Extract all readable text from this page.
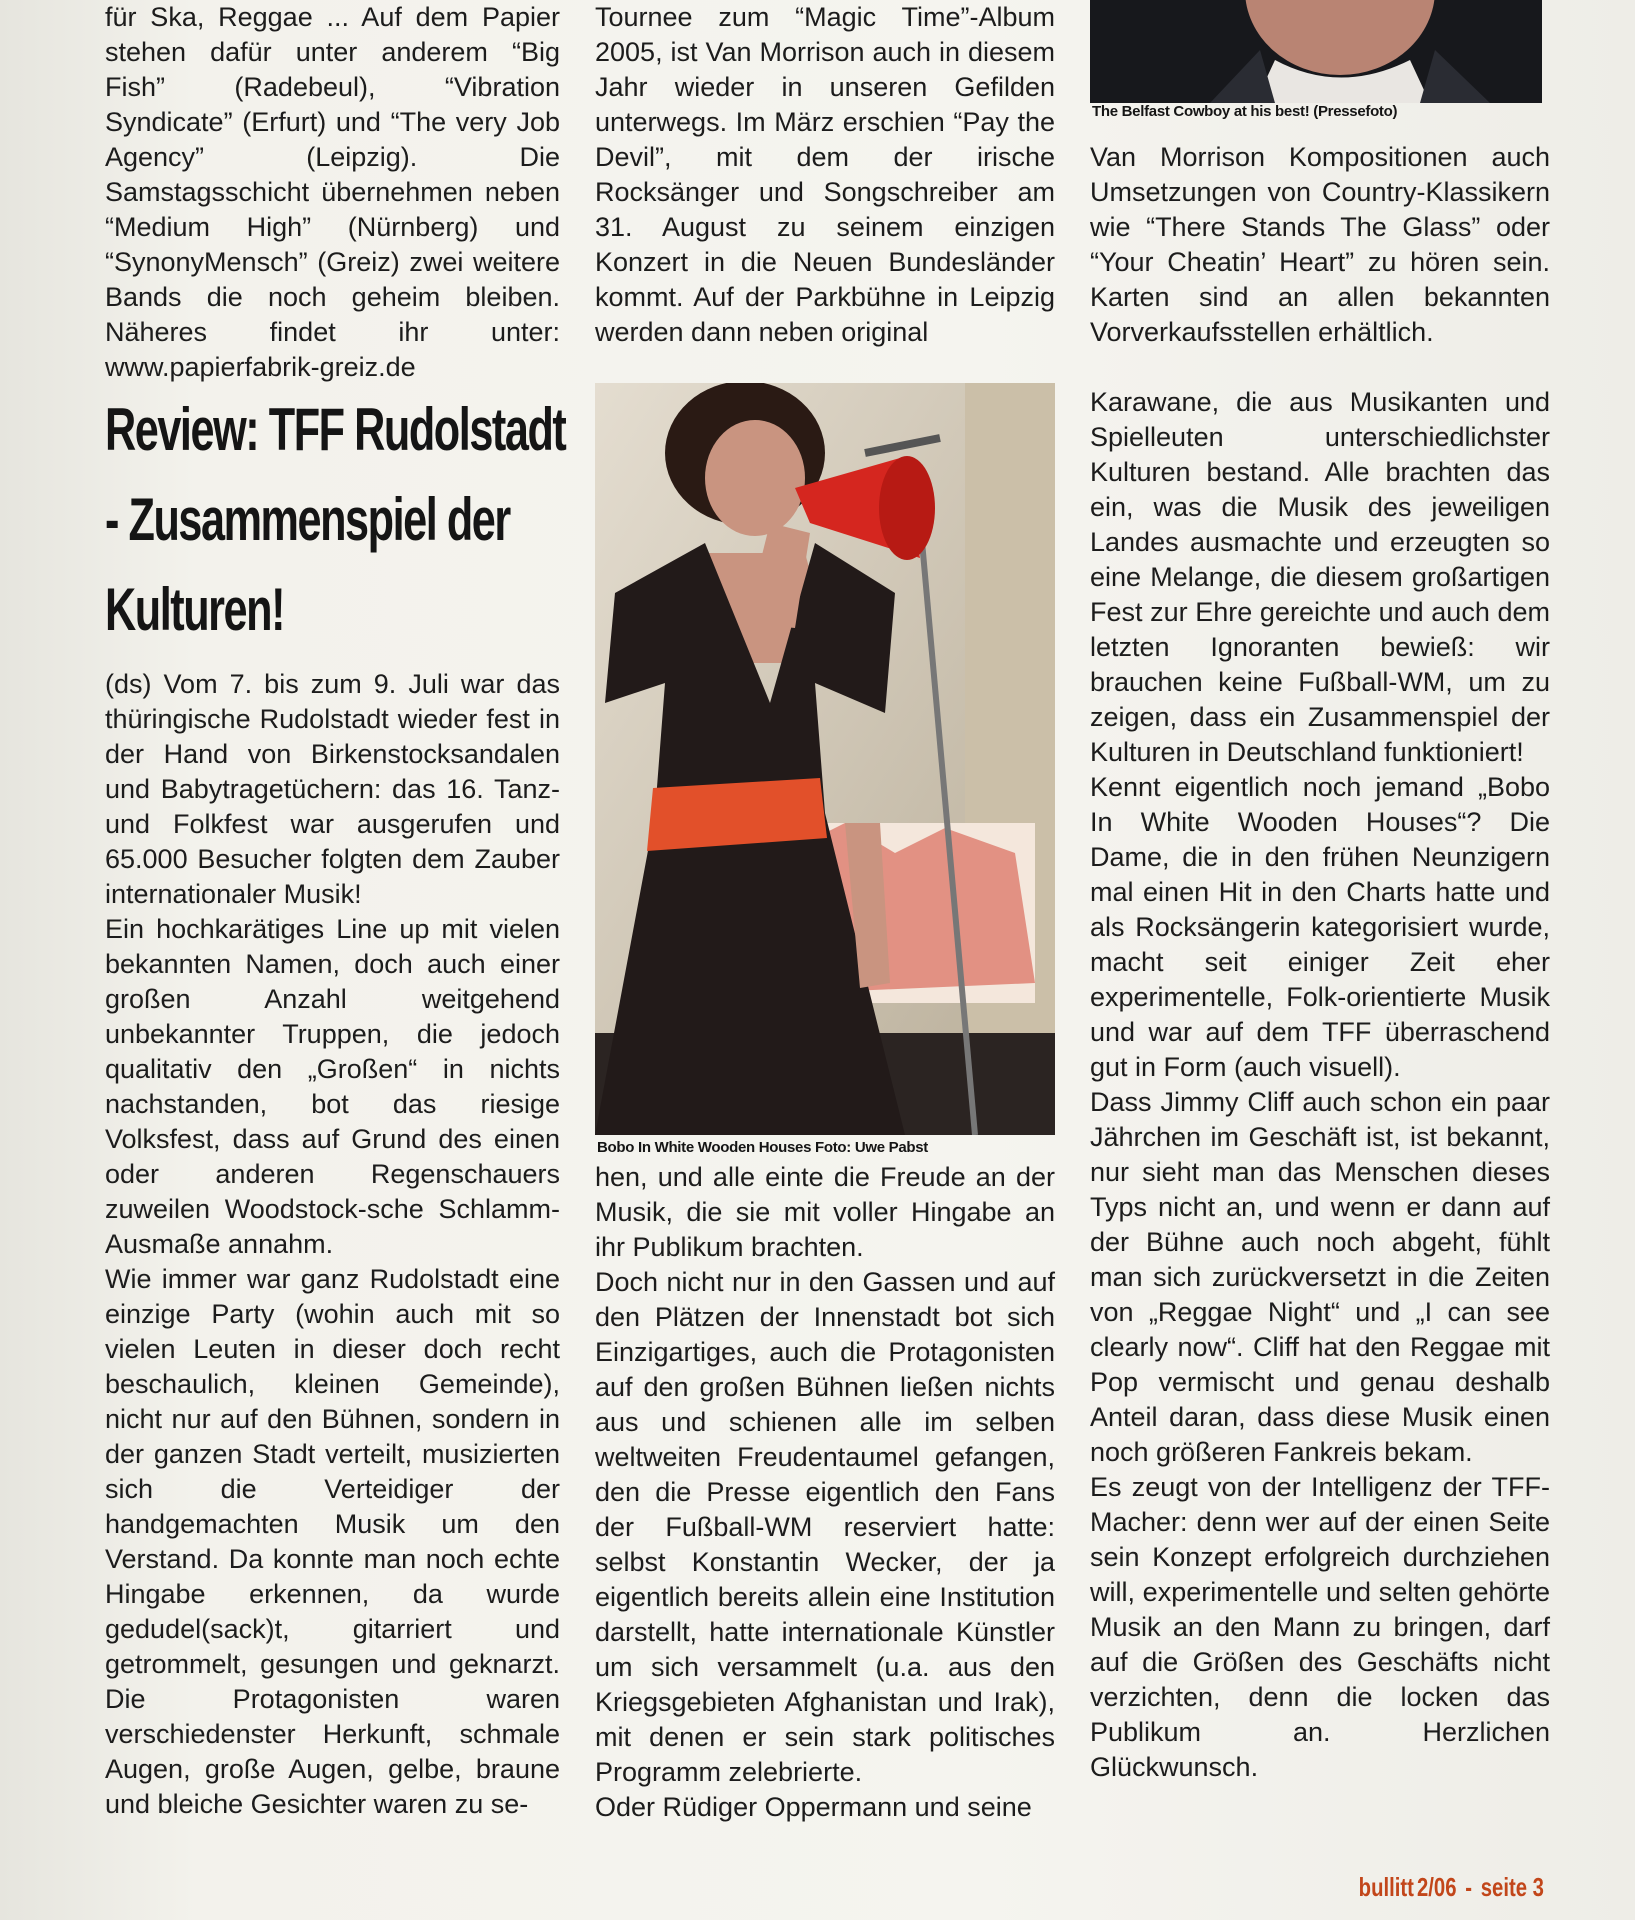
für Ska, Reggae ... Auf dem Papier stehen dafür unter anderem “Big Fish” (Radebeul), “Vibration Syndicate” (Erfurt) und “The very Job Agency” (Leipzig). Die Samstagsschicht übernehmen neben “Medium High” (Nürnberg) und “SynonyMensch” (Greiz) zwei weitere Bands die noch geheim bleiben. Näheres findet ihr unter: www.papierfabrik-greiz.de

Review: TFF Rudolstadt - Zusammenspiel der Kulturen!

(ds) Vom 7. bis zum 9. Juli war das thüringische Rudolstadt wieder fest in der Hand von Birkenstocksandalen und Babytragetüchern: das 16. Tanz- und Folkfest war ausgerufen und 65.000 Besucher folgten dem Zauber internationaler Musik!

Ein hochkarätiges Line up mit vielen bekannten Namen, doch auch einer großen Anzahl weitgehend unbekannter Truppen, die jedoch qualitativ den „Großen“ in nichts nachstanden, bot das riesige Volksfest, dass auf Grund des einen oder anderen Regenschauers zuweilen Woodstock-sche Schlamm-Ausmaße annahm.

Wie immer war ganz Rudolstadt eine einzige Party (wohin auch mit so vielen Leuten in dieser doch recht beschaulich, kleinen Gemeinde), nicht nur auf den Bühnen, sondern in der ganzen Stadt verteilt, musizierten sich die Verteidiger der handgemachten Musik um den Verstand. Da konnte man noch echte Hingabe erkennen, da wurde gedudel(sack)t, gitarriert und getrommelt, gesungen und geknarzt. Die Protagonisten waren verschiedenster Herkunft, schmale Augen, große Augen, gelbe, braune und bleiche Gesichter waren zu se-

Tournee zum “Magic Time”-Album 2005, ist Van Morrison auch in diesem Jahr wieder in unseren Gefilden unterwegs. Im März erschien “Pay the Devil”, mit dem der irische Rocksänger und Songschreiber am 31. August zu seinem einzigen Konzert in die Neuen Bundesländer kommt. Auf der Parkbühne in Leipzig werden dann neben original

Bobo In White Wooden Houses Foto: Uwe Pabst

hen, und alle einte die Freude an der Musik, die sie mit voller Hingabe an ihr Publikum brachten.

Doch nicht nur in den Gassen und auf den Plätzen der Innenstadt bot sich Einzigartiges, auch die Protagonisten auf den großen Bühnen ließen nichts aus und schienen alle im selben weltweiten Freudentaumel gefangen, den die Presse eigentlich den Fans der Fußball-WM reserviert hatte: selbst Konstantin Wecker, der ja eigentlich bereits allein eine Institution darstellt, hatte internationale Künstler um sich versammelt (u.a. aus den Kriegsgebieten Afghanistan und Irak), mit denen er sein stark politisches Programm zelebrierte.

Oder Rüdiger Oppermann und seine

The Belfast Cowboy at his best! (Pressefoto)

Van Morrison Kompositionen auch Umsetzungen von Country-Klassikern wie “There Stands The Glass” oder “Your Cheatin’ Heart” zu hören sein. Karten sind an allen bekannten Vorverkaufsstellen erhältlich.

Karawane, die aus Musikanten und Spielleuten unterschiedlichster Kulturen bestand. Alle brachten das ein, was die Musik des jeweiligen Landes ausmachte und erzeugten so eine Melange, die diesem großartigen Fest zur Ehre gereichte und auch dem letzten Ignoranten bewieß: wir brauchen keine Fußball-WM, um zu zeigen, dass ein Zusammenspiel der Kulturen in Deutschland funktioniert!

Kennt eigentlich noch jemand „Bobo In White Wooden Houses“? Die Dame, die in den frühen Neunzigern mal einen Hit in den Charts hatte und als Rocksängerin kategorisiert wurde, macht seit einiger Zeit eher experimentelle, Folk-orientierte Musik und war auf dem TFF überraschend gut in Form (auch visuell).

Dass Jimmy Cliff auch schon ein paar Jährchen im Geschäft ist, ist bekannt, nur sieht man das Menschen dieses Typs nicht an, und wenn er dann auf der Bühne auch noch abgeht, fühlt man sich zurückversetzt in die Zeiten von „Reggae Night“ und „I can see clearly now“. Cliff hat den Reggae mit Pop vermischt und genau deshalb Anteil daran, dass diese Musik einen noch größeren Fankreis bekam.

Es zeugt von der Intelligenz der TFF-Macher: denn wer auf der einen Seite sein Konzept erfolgreich durchziehen will, experimentelle und selten gehörte Musik an den Mann zu bringen, darf auf die Größen des Geschäfts nicht verzichten, denn die locken das Publikum an. Herzlichen Glückwunsch.

bullitt 2/06 - seite 3
